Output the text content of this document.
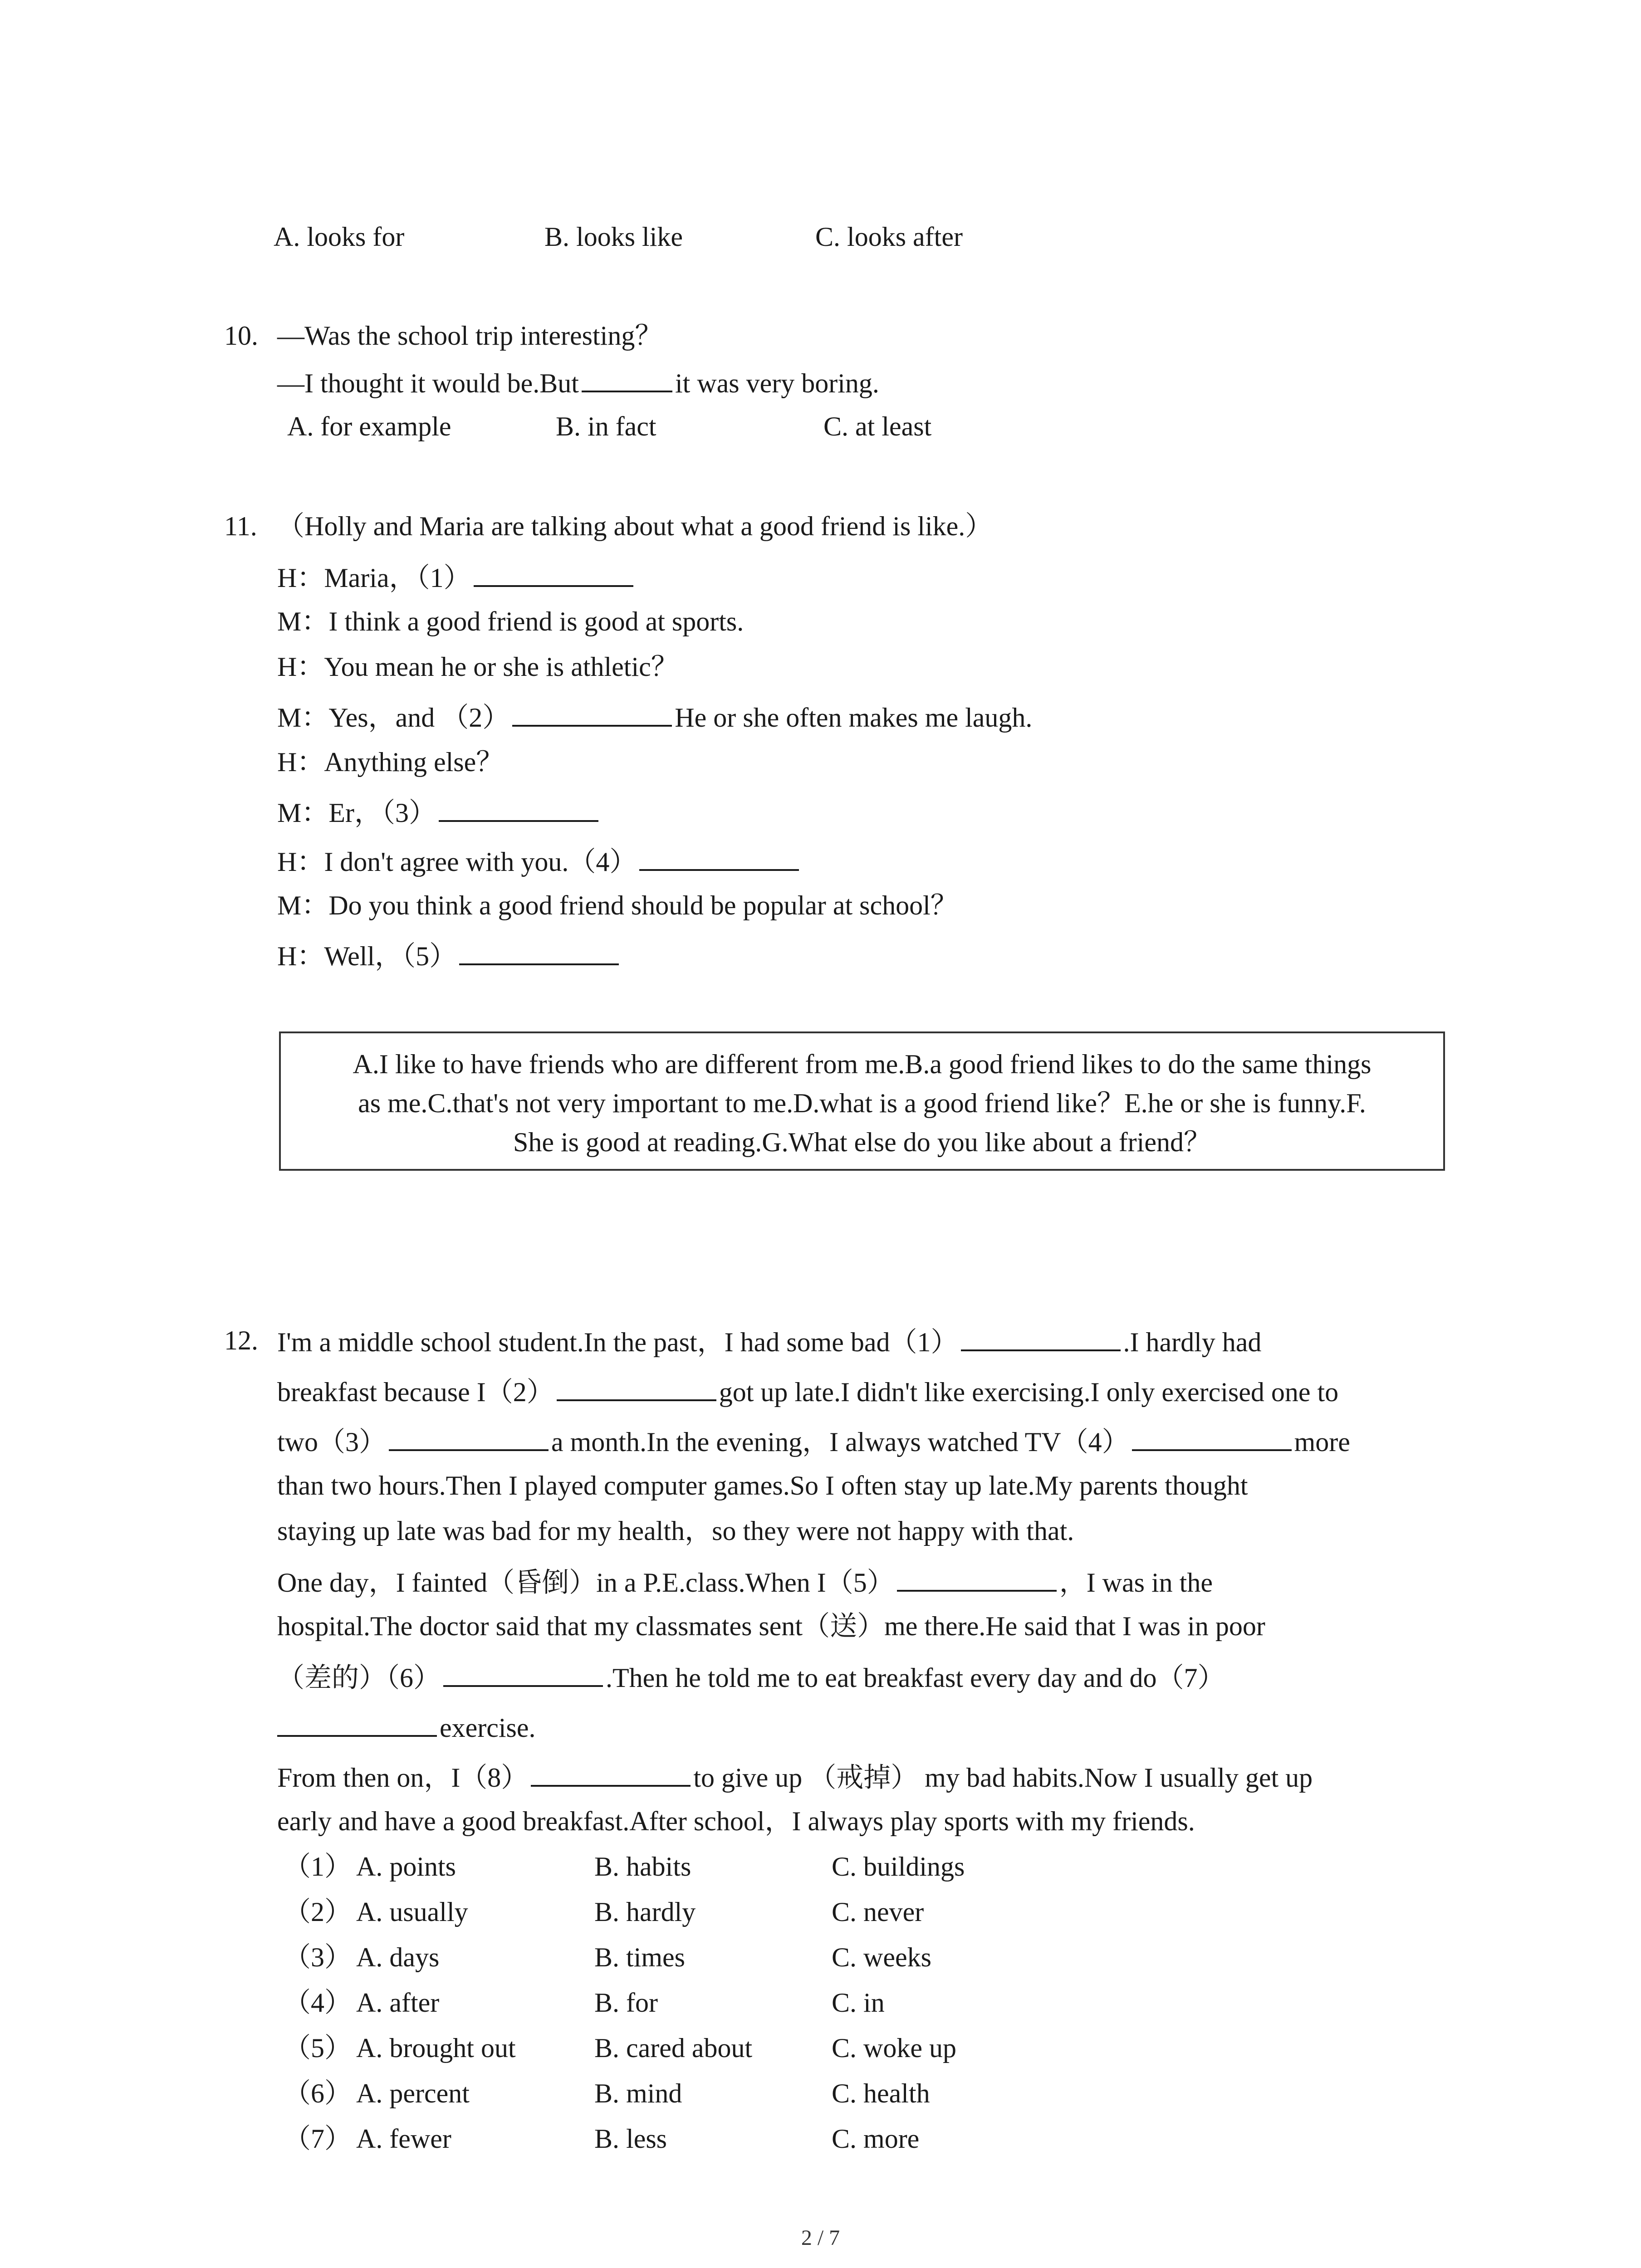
A. looks for	B. looks like	C. looks after
10. —Was the school trip interesting？
—I thought it would be.But	it was very boring.
A. for example	B. in fact	C. at least
11. （Holly and Maria are talking about what a good friend is like.）
H：Maria，（1）
M：I think a good friend is good at sports.
H：You mean he or she is athletic？
M：Yes，and （2）	He or she often makes me laugh.
H：Anything else？
M：Er，（3）
H：I don't agree with you.（4）
M：Do you think a good friend should be popular at school？
H：Well，（5）
A.I like to have friends who are different from me.B.a good friend likes to do the same things
as me.C.that's not very important to me.D.what is a good friend like？E.he or she is funny.F.
She is good at reading.G.What else do you like about a friend？
12. I'm a middle school student.In the past，I had some bad（1）	.I hardly had
breakfast because I（2）	got up late.I didn't like exercising.I only exercised one to
two（3）	a month.In the evening，I always watched TV（4）	more
than two hours.Then I played computer games.So I often stay up late.My parents thought
staying up late was bad for my health，so they were not happy with that.
One day，I fainted（昏倒）in a P.E.class.When I（5）	，I was in the
hospital.The doctor said that my classmates sent（送）me there.He said that I was in poor
（差的）（6）	.Then he told me to eat breakfast every day and do（7）
exercise.
From then on，I（8）	to give up （戒掉） my bad habits.Now I usually get up
early and have a good breakfast.After school，I always play sports with my friends.
（1） A. points	B. habits	C. buildings
（2） A. usually	B. hardly	C. never
（3） A. days	B. times	C. weeks
（4） A. after	B. for	C. in
（5） A. brought out	B. cared about	C. woke up
（6） A. percent	B. mind	C. health
（7） A. fewer	B. less	C. more
2 / 7
